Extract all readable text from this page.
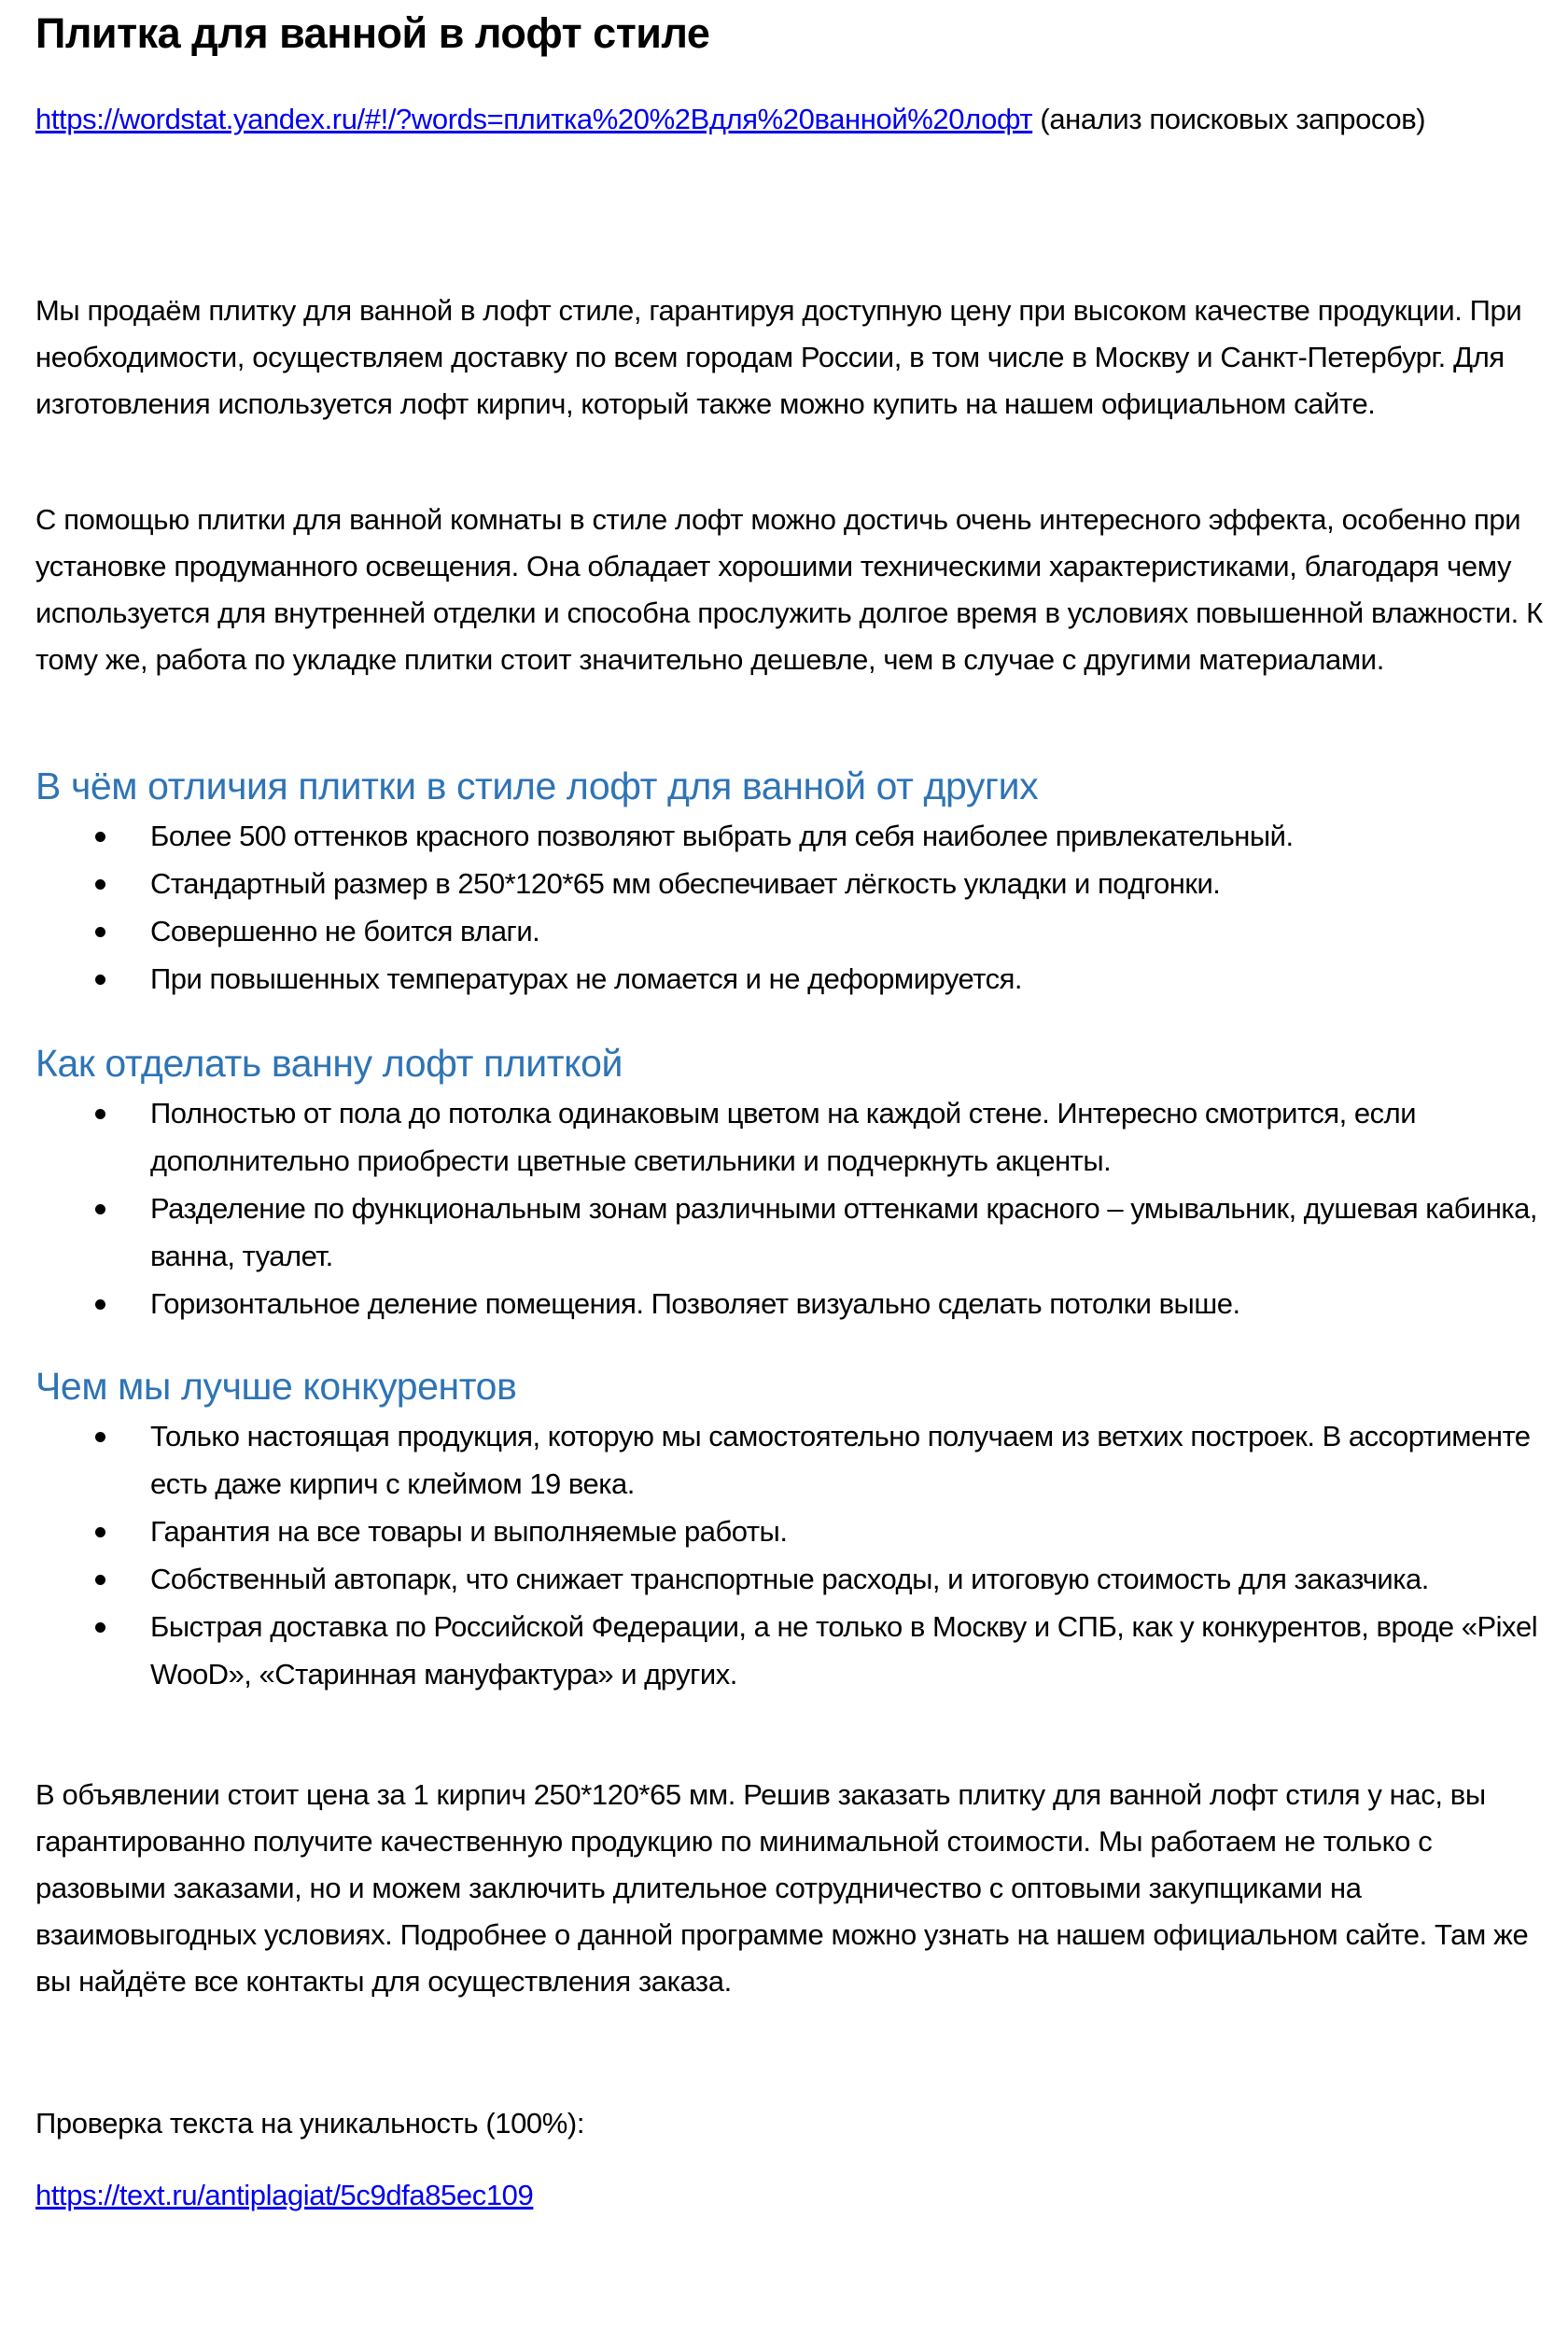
Плитка для ванной в лофт стиле
https://wordstat.yandex.ru/#!/?words=плитка%20%2Bдля%20ванной%20лофт (анализ поисковых запросов)

Мы продаём плитку для ванной в лофт стиле, гарантируя доступную цену при высоком качестве продукции. При необходимости, осуществляем доставку по всем городам России, в том числе в Москву и Санкт-Петербург. Для изготовления используется лофт кирпич, который также можно купить на нашем официальном сайте.

С помощью плитки для ванной комнаты в стиле лофт можно достичь очень интересного эффекта, особенно при установке продуманного освещения. Она обладает хорошими техническими характеристиками, благодаря чему используется для внутренней отделки и способна прослужить долгое время в условиях повышенной влажности. К тому же, работа по укладке плитки стоит значительно дешевле, чем в случае с другими материалами.

В чём отличия плитки в стиле лофт для ванной от других
Более 500 оттенков красного позволяют выбрать для себя наиболее привлекательный.
Стандартный размер в 250*120*65 мм обеспечивает лёгкость укладки и подгонки.
Совершенно не боится влаги.
При повышенных температурах не ломается и не деформируется.
Как отделать ванну лофт плиткой
Полностью от пола до потолка одинаковым цветом на каждой стене. Интересно смотрится, если дополнительно приобрести цветные светильники и подчеркнуть акценты.
Разделение по функциональным зонам различными оттенками красного – умывальник, душевая кабинка, ванна, туалет.
Горизонтальное деление помещения. Позволяет визуально сделать потолки выше.
Чем мы лучше конкурентов
Только настоящая продукция, которую мы самостоятельно получаем из ветхих построек. В ассортименте есть даже кирпич с клеймом 19 века.
Гарантия на все товары и выполняемые работы.
Собственный автопарк, что снижает транспортные расходы, и итоговую стоимость для заказчика.
Быстрая доставка по Российской Федерации, а не только в Москву и СПБ, как у конкурентов, вроде «Pixel WooD», «Старинная мануфактура» и других.

В объявлении стоит цена за 1 кирпич 250*120*65 мм. Решив заказать плитку для ванной лофт стиля у нас, вы гарантированно получите качественную продукцию по минимальной стоимости. Мы работаем не только с разовыми заказами, но и можем заключить длительное сотрудничество с оптовыми закупщиками на взаимовыгодных условиях. Подробнее о данной программе можно узнать на нашем официальном сайте. Там же вы найдёте все контакты для осуществления заказа.

Проверка текста на уникальность (100%):
https://text.ru/antiplagiat/5c9dfa85ec109
